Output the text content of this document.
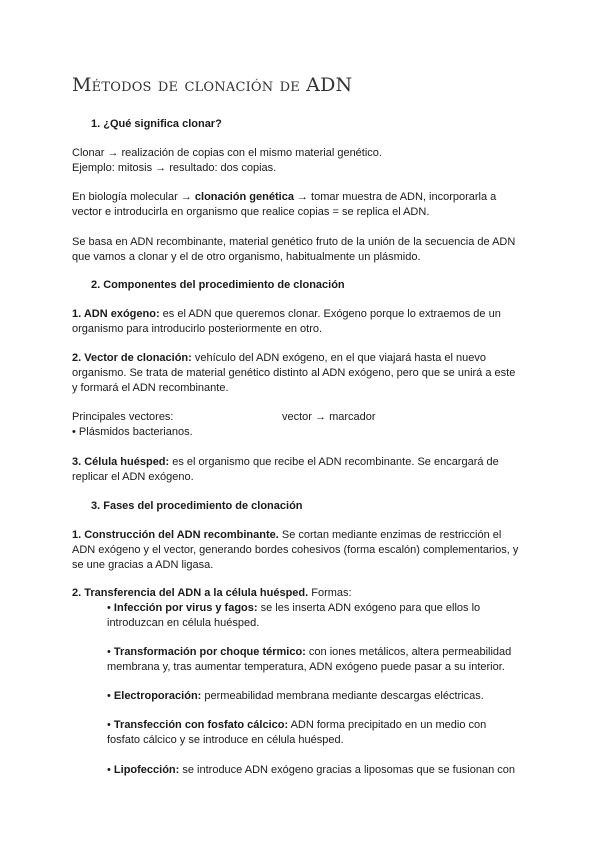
Métodos de clonación de ADN
1. ¿Qué significa clonar?
Clonar → realización de copias con el mismo material genético.
Ejemplo: mitosis → resultado: dos copias.
En biología molecular → clonación genética → tomar muestra de ADN, incorporarla a
vector e introducirla en organismo que realice copias = se replica el ADN.
Se basa en ADN recombinante, material genético fruto de la unión de la secuencia de ADN
que vamos a clonar y el de otro organismo, habitualmente un plásmido.
2. Componentes del procedimiento de clonación
1. ADN exógeno: es el ADN que queremos clonar. Exógeno porque lo extraemos de un
organismo para introducirlo posteriormente en otro.
2. Vector de clonación: vehículo del ADN exógeno, en el que viajará hasta el nuevo
organismo. Se trata de material genético distinto al ADN exógeno, pero que se unirá a este
y formará el ADN recombinante.
Principales vectores:	vector → marcador
• Plásmidos bacterianos.
3. Célula huésped: es el organismo que recibe el ADN recombinante. Se encargará de
replicar el ADN exógeno.
3. Fases del procedimiento de clonación
1. Construcción del ADN recombinante. Se cortan mediante enzimas de restricción el
ADN exógeno y el vector, generando bordes cohesivos (forma escalón) complementarios, y
se une gracias a ADN ligasa.
2. Transferencia del ADN a la célula huésped. Formas:
• Infección por virus y fagos: se les inserta ADN exógeno para que ellos lo
introduzcan en célula huésped.
• Transformación por choque térmico: con iones metálicos, altera permeabilidad
membrana y, tras aumentar temperatura, ADN exógeno puede pasar a su interior.
• Electroporación: permeabilidad membrana mediante descargas eléctricas.
• Transfección con fosfato cálcico: ADN forma precipitado en un medio con
fosfato cálcico y se introduce en célula huésped.
• Lipofección: se introduce ADN exógeno gracias a liposomas que se fusionan con
